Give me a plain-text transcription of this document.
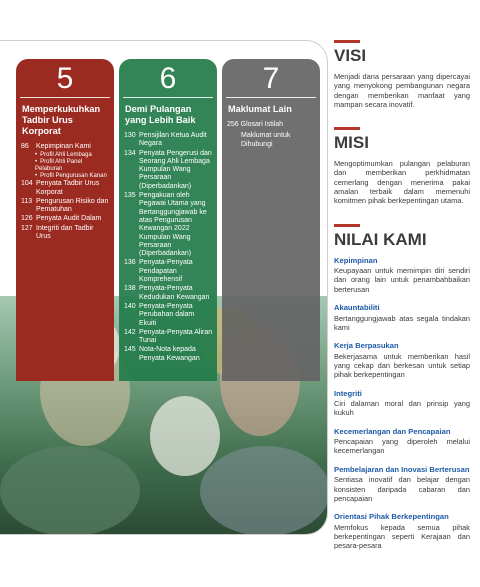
5
Memperkukuhkan Tadbir Urus Korporat
86	Kepimpinan Kami
• Profil Ahli Lembaga
• Profil Ahli Panel Pelaburan
• Profil Pengurusan Kanan
104 Penyata Tadbir Urus Korporat
113 Pengurusan Risiko dan Pematuhan
126 Penyata Audit Dalam
127 Integriti dan Tadbir Urus
6
Demi Pulangan yang Lebih Baik
130 Pensijilan Ketua Audit Negara
134 Penyata Pengerusi dan Seorang Ahli Lembaga Kumpulan Wang Persaraan (Diperbadankan)
135 Pengakuan oleh Pegawai Utama yang Bertanggungjawab ke atas Pengurusan Kewangan 2022 Kumpulan Wang Persaraan (Diperbadankan)
136 Penyata-Penyata Pendapatan Komprehensif
138 Penyata-Penyata Kedudukan Kewangan
140 Penyata-Penyata Perubahan dalam Ekuiti
142 Penyata-Penyata Aliran Tunai
145 Nota-Nota kepada Penyata Kewangan
7
Maklumat Lain
256 Glosari Istilah
Maklumat untuk Dihubungi
VISI
Menjadi dana persaraan yang dipercayai yang menyokong pembangunan negara dengan memberikan manfaat yang mampan secara inovatif.
MISI
Mengoptimumkan pulangan pelaburan dan memberikan perkhidmatan cemerlang dengan menerima pakai amalan terbaik dalam memenuhi komitmen pihak berkepentingan utama.
NILAI KAMI
Kepimpinan
Keupayaan untuk memimpin diri sendiri dan orang lain untuk penambahbaikan berterusan
Akauntabiliti
Bertanggungjawab atas segala tindakan kami
Kerja Berpasukan
Bekerjasama untuk memberikan hasil yang cekap dan berkesan untuk setiap pihak berkepentingan
Integriti
Ciri dalaman moral dan prinsip yang kukuh
Kecemerlangan dan Pencapaian
Pencapaian yang diperoleh melalui kecemerlangan
Pembelajaran dan Inovasi Berterusan
Sentiasa inovatif dan belajar dengan konsisten daripada cabaran dan pencapaian
Orientasi Pihak Berkepentingan
Memfokus kepada semua pihak berkepentingan seperti Kerajaan dan pesara-pesara
